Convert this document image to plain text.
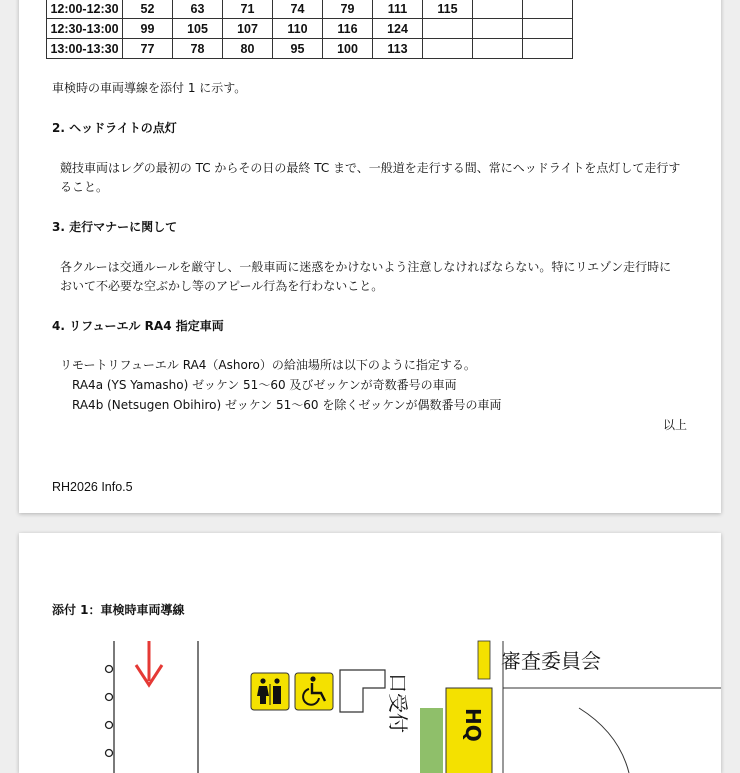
12:00-12:30	52	63	71	74	79	111	115		
12:30-13:00	99	105	107	110	116	124			
13:00-13:30	77	78	80	95	100	113			
車検時の車両導線を添付 1 に示す。
2. ヘッドライトの点灯
競技車両はレグの最初の TC からその日の最終 TC まで、一般道を走行する間、常にヘッドライトを点灯して走行す
ること。
3. 走行マナーに関して
各クルーは交通ルールを厳守し、一般車両に迷惑をかけないよう注意しなければならない。特にリエゾン走行時に
おいて不必要な空ぶかし等のアピール行為を行わないこと。
4. リフューエル RA4 指定車両
リモートリフューエル RA4（Ashoro）の給油場所は以下のように指定する。
RA4a (YS Yamasho) ゼッケン 51〜60 及びゼッケンが奇数番号の車両
RA4b (Netsugen Obihiro) ゼッケン 51〜60 を除くゼッケンが偶数番号の車両
以上
RH2026 Info.5
添付 1：車検時車両導線
口受付	HQ
審査委員会
